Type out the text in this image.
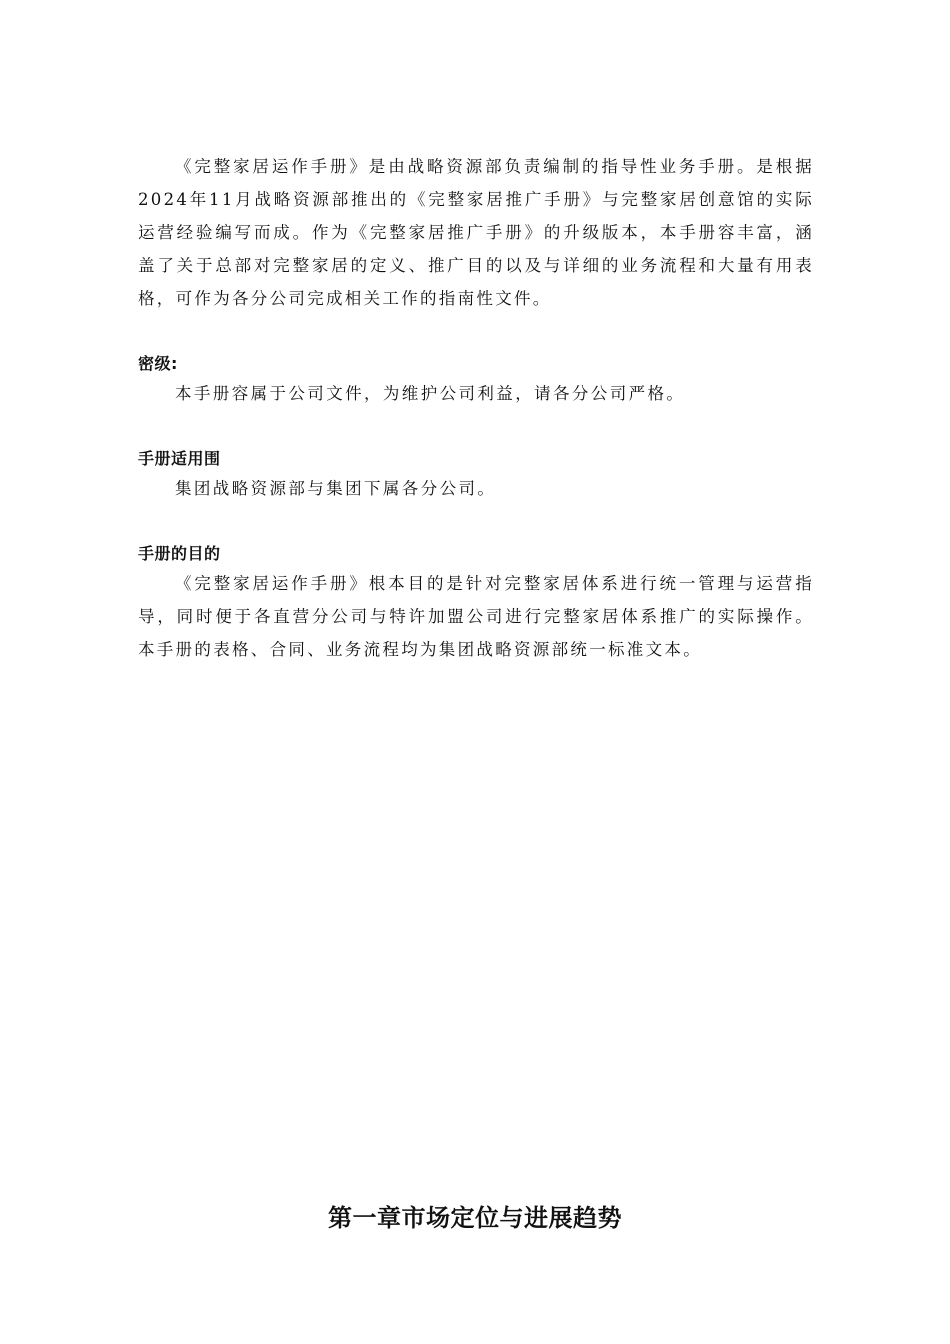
《完整家居运作手册》是由战略资源部负责编制的指导性业务手册。是根据2024年11月战略资源部推出的《完整家居推广手册》与完整家居创意馆的实际运营经验编写而成。作为《完整家居推广手册》的升级版本，本手册容丰富，涵盖了关于总部对完整家居的定义、推广目的以及与详细的业务流程和大量有用表格，可作为各分公司完成相关工作的指南性文件。

密级:

本手册容属于公司文件，为维护公司利益，请各分公司严格。

手册适用围

集团战略资源部与集团下属各分公司。

手册的目的

《完整家居运作手册》根本目的是针对完整家居体系进行统一管理与运营指导，同时便于各直营分公司与特许加盟公司进行完整家居体系推广的实际操作。本手册的表格、合同、业务流程均为集团战略资源部统一标准文本。

第一章市场定位与进展趋势
